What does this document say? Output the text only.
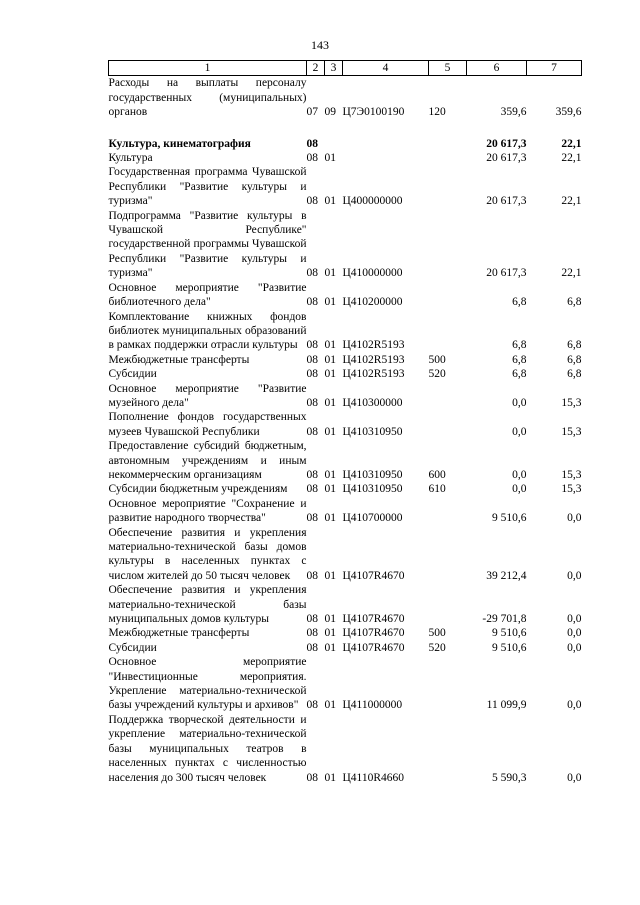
143
1	2	3	4	5	6	7
Расходы на выплаты персоналу государственных (муниципальных) органов	07	09	Ц7Э0100190	120	359,6	359,6

Культура, кинематография	08				20 617,3	22,1
Культура	08	01			20 617,3	22,1
Государственная программа Чувашской Республики "Развитие культуры и туризма"	08	01	Ц400000000		20 617,3	22,1
Подпрограмма "Развитие культуры в Чувашской Республике" государственной программы Чувашской Республики "Развитие культуры и туризма"	08	01	Ц410000000		20 617,3	22,1
Основное мероприятие "Развитие библиотечного дела"	08	01	Ц410200000		6,8	6,8
Комплектование книжных фондов библиотек муниципальных образований в рамках поддержки отрасли культуры	08	01	Ц4102R5193		6,8	6,8
Межбюджетные трансферты	08	01	Ц4102R5193	500	6,8	6,8
Субсидии	08	01	Ц4102R5193	520	6,8	6,8
Основное мероприятие "Развитие музейного дела"	08	01	Ц410300000		0,0	15,3
Пополнение фондов государственных музеев Чувашской Республики	08	01	Ц410310950		0,0	15,3
Предоставление субсидий бюджетным, автономным учреждениям и иным некоммерческим организациям	08	01	Ц410310950	600	0,0	15,3
Субсидии бюджетным учреждениям	08	01	Ц410310950	610	0,0	15,3
Основное мероприятие "Сохранение и развитие народного творчества"	08	01	Ц410700000		9 510,6	0,0
Обеспечение развития и укрепления материально-технической базы домов культуры в населенных пунктах с числом жителей до 50 тысяч человек	08	01	Ц4107R4670		39 212,4	0,0
Обеспечение развития и укрепления материально-технической базы муниципальных домов культуры	08	01	Ц4107R4670		-29 701,8	0,0
Межбюджетные трансферты	08	01	Ц4107R4670	500	9 510,6	0,0
Субсидии	08	01	Ц4107R4670	520	9 510,6	0,0
Основное мероприятие "Инвестиционные мероприятия. Укрепление материально-технической базы учреждений культуры и архивов"	08	01	Ц411000000		11 099,9	0,0
Поддержка творческой деятельности и укрепление материально-технической базы муниципальных театров в населенных пунктах с численностью населения до 300 тысяч человек	08	01	Ц4110R4660		5 590,3	0,0
